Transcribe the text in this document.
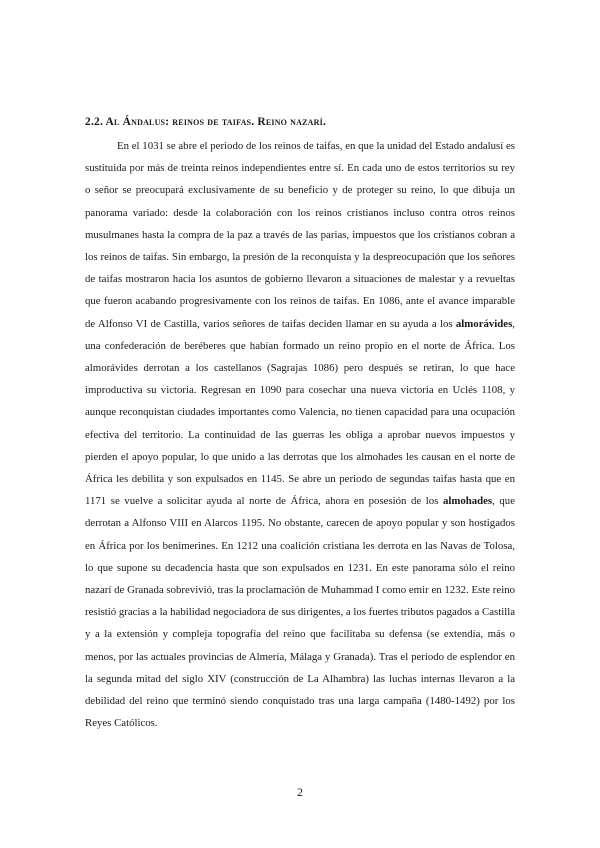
2.2. Al Ándalus: reinos de taifas. Reino nazarí.

En el 1031 se abre el periodo de los reinos de taifas, en que la unidad del Estado andalusí es sustituida por más de treinta reinos independientes entre sí. En cada uno de estos territorios su rey o señor se preocupará exclusivamente de su beneficio y de proteger su reino, lo que dibuja un panorama variado: desde la colaboración con los reinos cristianos incluso contra otros reinos musulmanes hasta la compra de la paz a través de las parias, impuestos que los cristianos cobran a los reinos de taifas. Sin embargo, la presión de la reconquista y la despreocupación que los señores de taifas mostraron hacia los asuntos de gobierno llevaron a situaciones de malestar y a revueltas que fueron acabando progresivamente con los reinos de taifas. En 1086, ante el avance imparable de Alfonso VI de Castilla, varios señores de taifas deciden llamar en su ayuda a los almorávides, una confederación de beréberes que habían formado un reino propio en el norte de África. Los almorávides derrotan a los castellanos (Sagrajas 1086) pero después se retiran, lo que hace improductiva su victoria. Regresan en 1090 para cosechar una nueva victoria en Uclés 1108, y aunque reconquistan ciudades importantes como Valencia, no tienen capacidad para una ocupación efectiva del territorio. La continuidad de las guerras les obliga a aprobar nuevos impuestos y pierden el apoyo popular, lo que unido a las derrotas que los almohades les causan en el norte de África les debilita y son expulsados en 1145. Se abre un periodo de segundas taifas hasta que en 1171 se vuelve a solicitar ayuda al norte de África, ahora en posesión de los almohades, que derrotan a Alfonso VIII en Alarcos 1195. No obstante, carecen de apoyo popular y son hostigados en África por los benimerines. En 1212 una coalición cristiana les derrota en las Navas de Tolosa, lo que supone su decadencia hasta que son expulsados en 1231. En este panorama sólo el reino nazarí de Granada sobrevivió, tras la proclamación de Muhammad I como emir en 1232. Este reino resistió gracias a la habilidad negociadora de sus dirigentes, a los fuertes tributos pagados a Castilla y a la extensión y compleja topografía del reino que facilitaba su defensa (se extendía, más o menos, por las actuales provincias de Almería, Málaga y Granada). Tras el periodo de esplendor en la segunda mitad del siglo XIV (construcción de La Alhambra) las luchas internas llevaron a la debilidad del reino que terminó siendo conquistado tras una larga campaña (1480-1492) por los Reyes Católicos.

2
